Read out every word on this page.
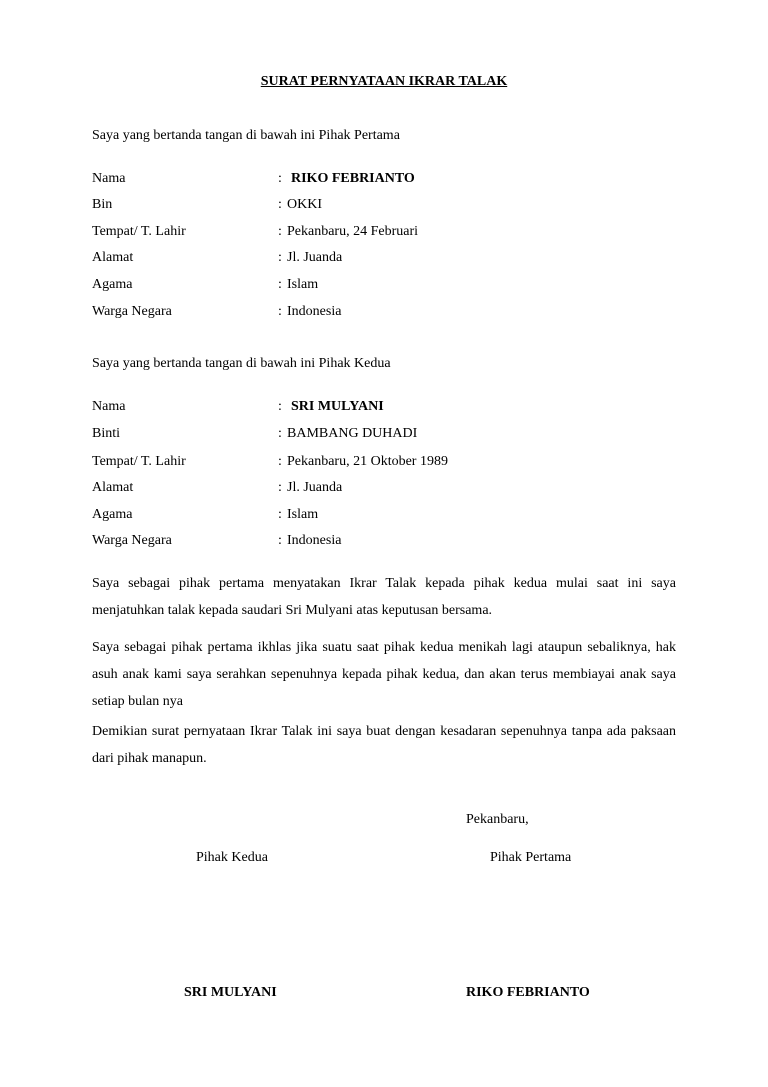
SURAT PERNYATAAN IKRAR TALAK
Saya yang bertanda tangan di bawah ini Pihak Pertama
Nama	: RIKO FEBRIANTO
Bin	: OKKI
Tempat/ T. Lahir	: Pekanbaru, 24 Februari
Alamat	: Jl. Juanda
Agama	: Islam
Warga Negara	: Indonesia
Saya yang bertanda tangan di bawah ini Pihak Kedua
Nama	: SRI MULYANI
Binti	: BAMBANG DUHADI
Tempat/ T. Lahir	: Pekanbaru, 21 Oktober 1989
Alamat	: Jl. Juanda
Agama	: Islam
Warga Negara	: Indonesia
Saya sebagai pihak pertama menyatakan Ikrar Talak kepada pihak kedua mulai saat ini saya menjatuhkan talak kepada saudari Sri Mulyani atas keputusan bersama.
Saya sebagai pihak pertama ikhlas jika suatu saat pihak kedua menikah lagi ataupun sebaliknya, hak asuh anak kami saya serahkan sepenuhnya kepada pihak kedua, dan akan terus membiayai anak saya setiap bulan nya
Demikian surat pernyataan Ikrar Talak ini saya buat dengan kesadaran sepenuhnya tanpa ada paksaan dari pihak manapun.
Pekanbaru,
Pihak Kedua	Pihak Pertama
SRI MULYANI	RIKO FEBRIANTO
